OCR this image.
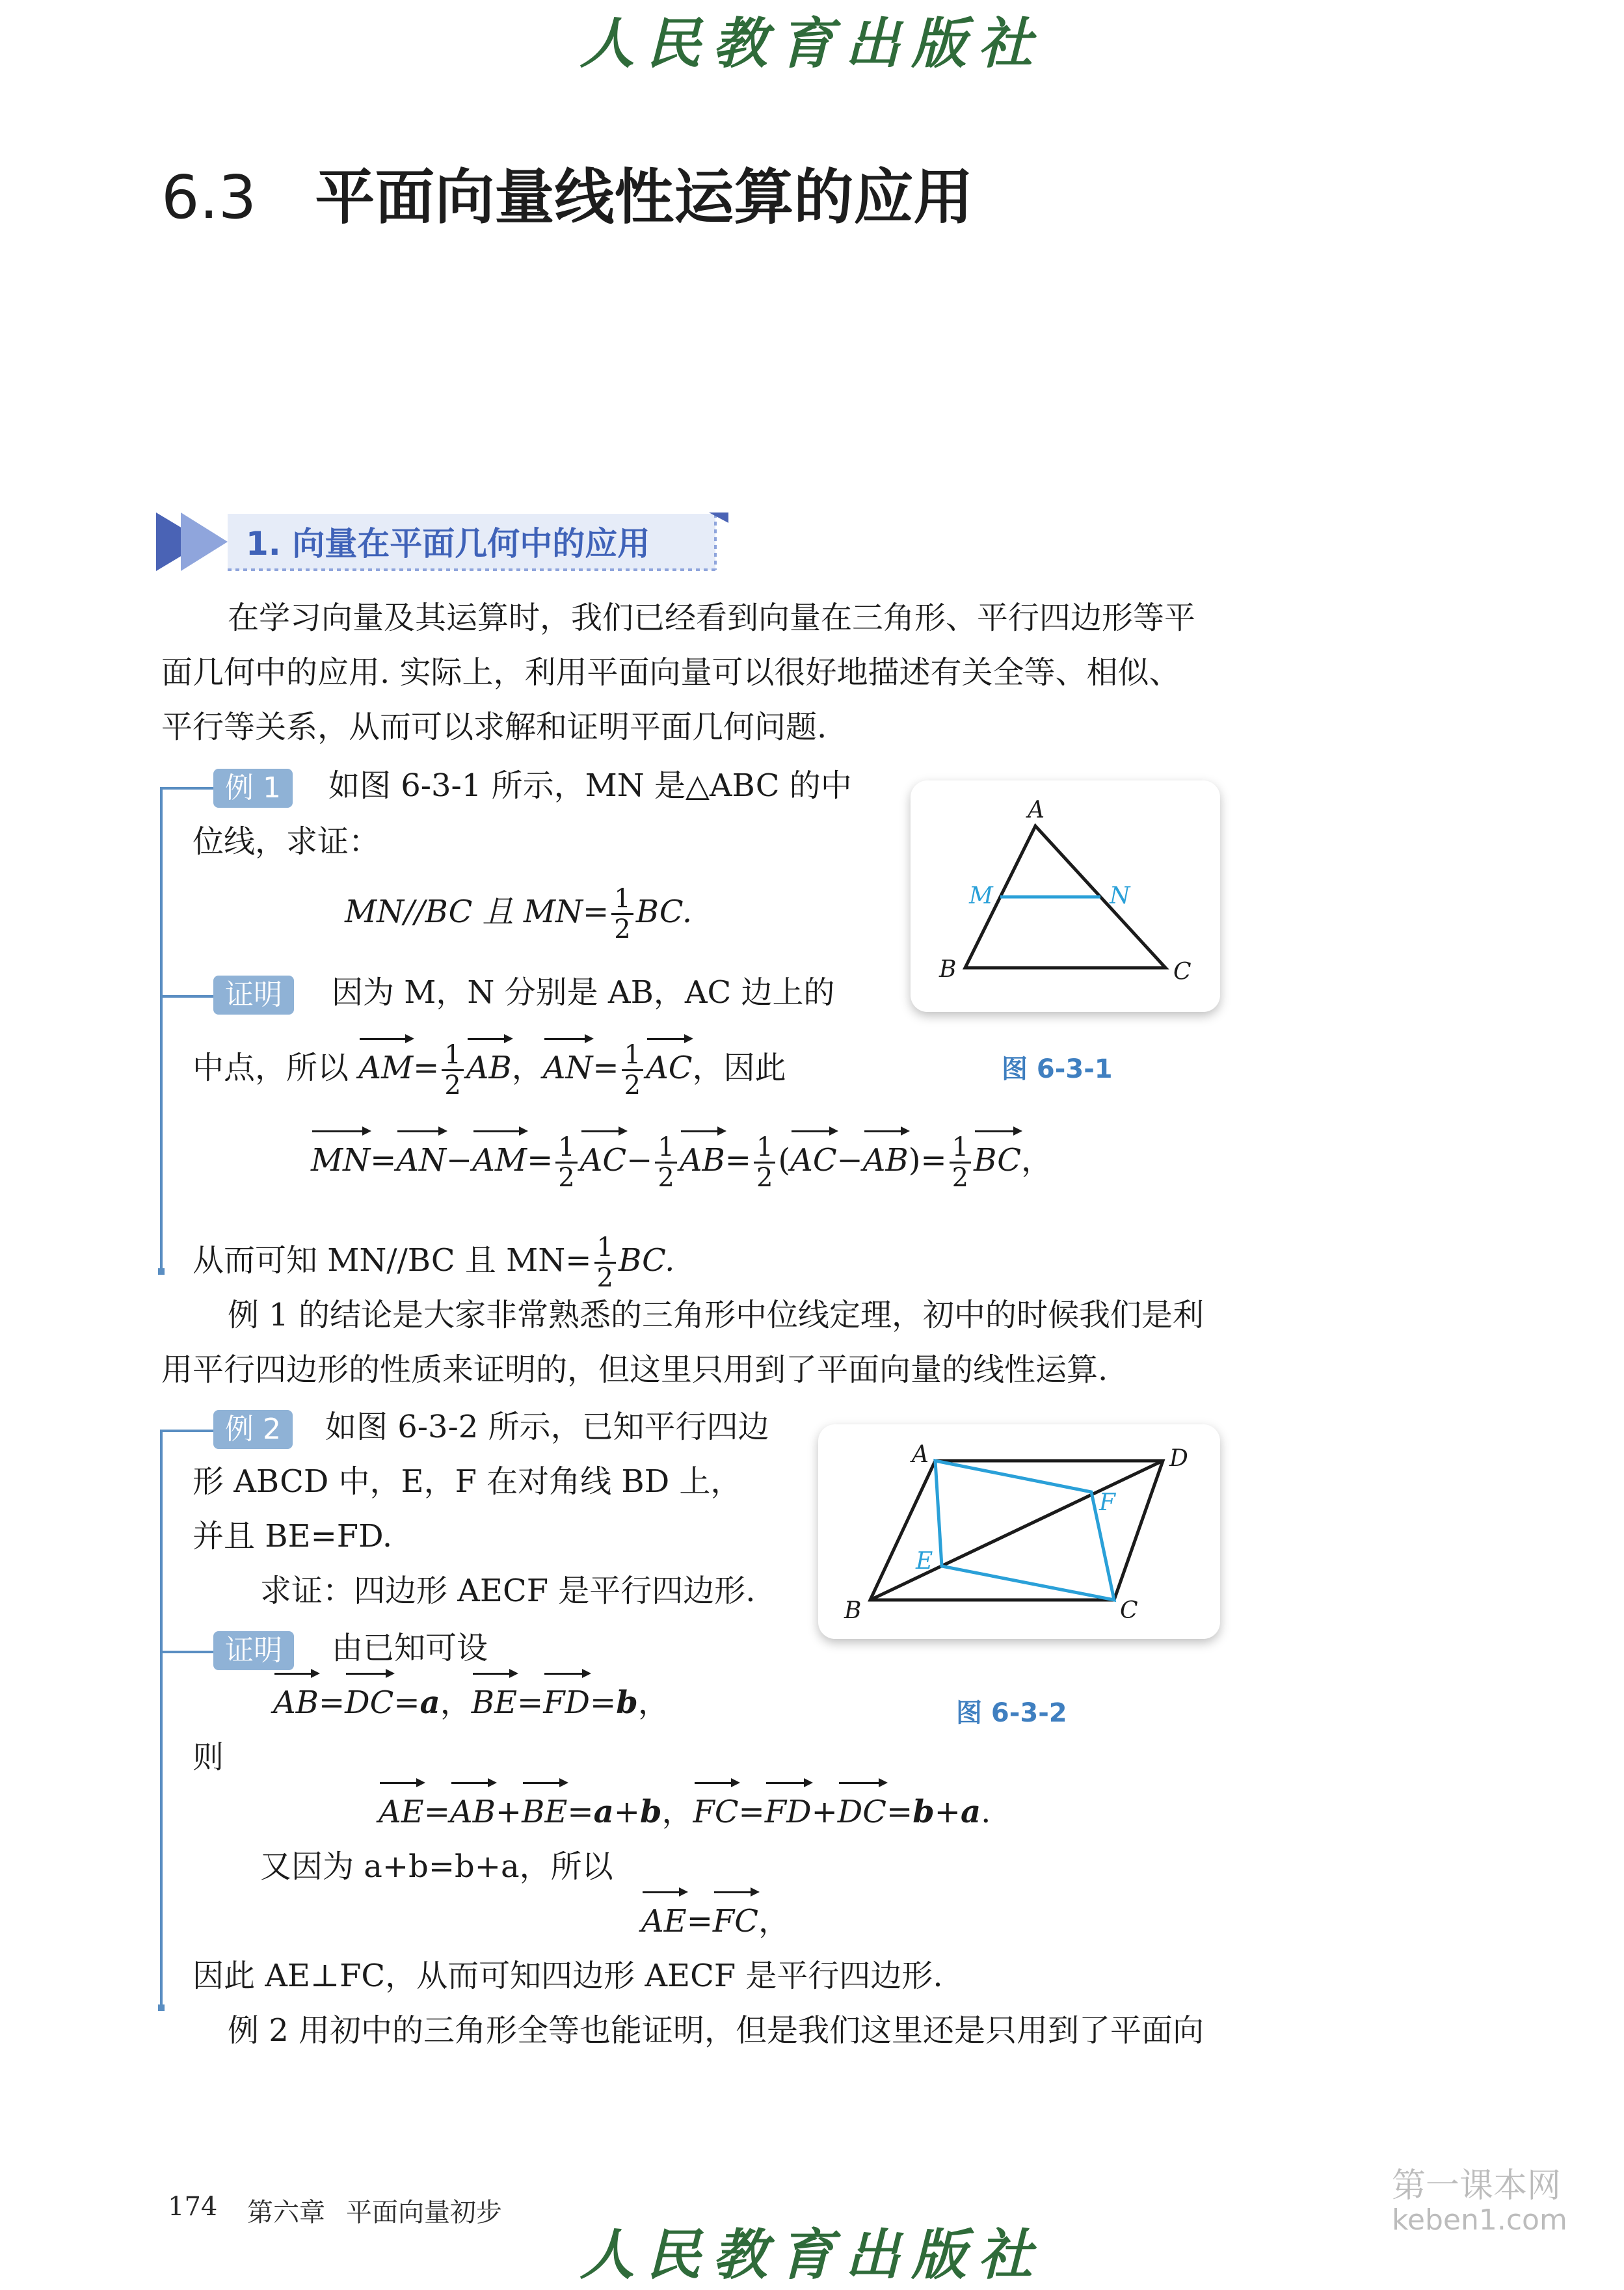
人民教育出版社
6.3 平面向量线性运算的应用
1. 向量在平面几何中的应用
在学习向量及其运算时，我们已经看到向量在三角形、平行四边形等平
面几何中的应用. 实际上，利用平面向量可以很好地描述有关全等、相似、
平行等关系，从而可以求解和证明平面几何问题.
例 1	如图 6-3-1 所示，MN 是△ABC 的中
位线，求证：
MN//BC 且 $MN= \frac{1}{2}$ BC.
证明	因为 M，N 分别是 AB，AC 边上的
中点，所以 $AM= \frac{1}{2}$ AB，$AN= \frac{1}{2}$ AC，因此
$MN=AN-AM= \frac{1}{2} AC- \frac{1}{2} AB= \frac{1}{2} (AC-AB)= \frac{1}{2}$ BC，
从而可知 MN//BC 且 $MN= \frac{1}{2}$ BC.
A
B	C
M	N
图 6-3-1
例 1 的结论是大家非常熟悉的三角形中位线定理，初中的时候我们是利
用平行四边形的性质来证明的，但这里只用到了平面向量的线性运算.
例 2	如图 6-3-2 所示，已知平行四边
形 ABCD 中，E，F 在对角线 BD 上，
并且 BE=FD.
求证：四边形 AECF 是平行四边形.
证明	由已知可设
AB=DC=a，BE=FD=b，
则
AE=AB+BE=a+b，FC=FD+DC=b+a.
又因为 a+b=b+a，所以
AE=FC，
因此 AE⊥FC，从而可知四边形 AECF 是平行四边形.
A	D
B	C
E
F
图 6-3-2
例 2 用初中的三角形全等也能证明，但是我们这里还是只用到了平面向
174 第六章 平面向量初步
人民教育出版社
第一课本网
keben1.com
